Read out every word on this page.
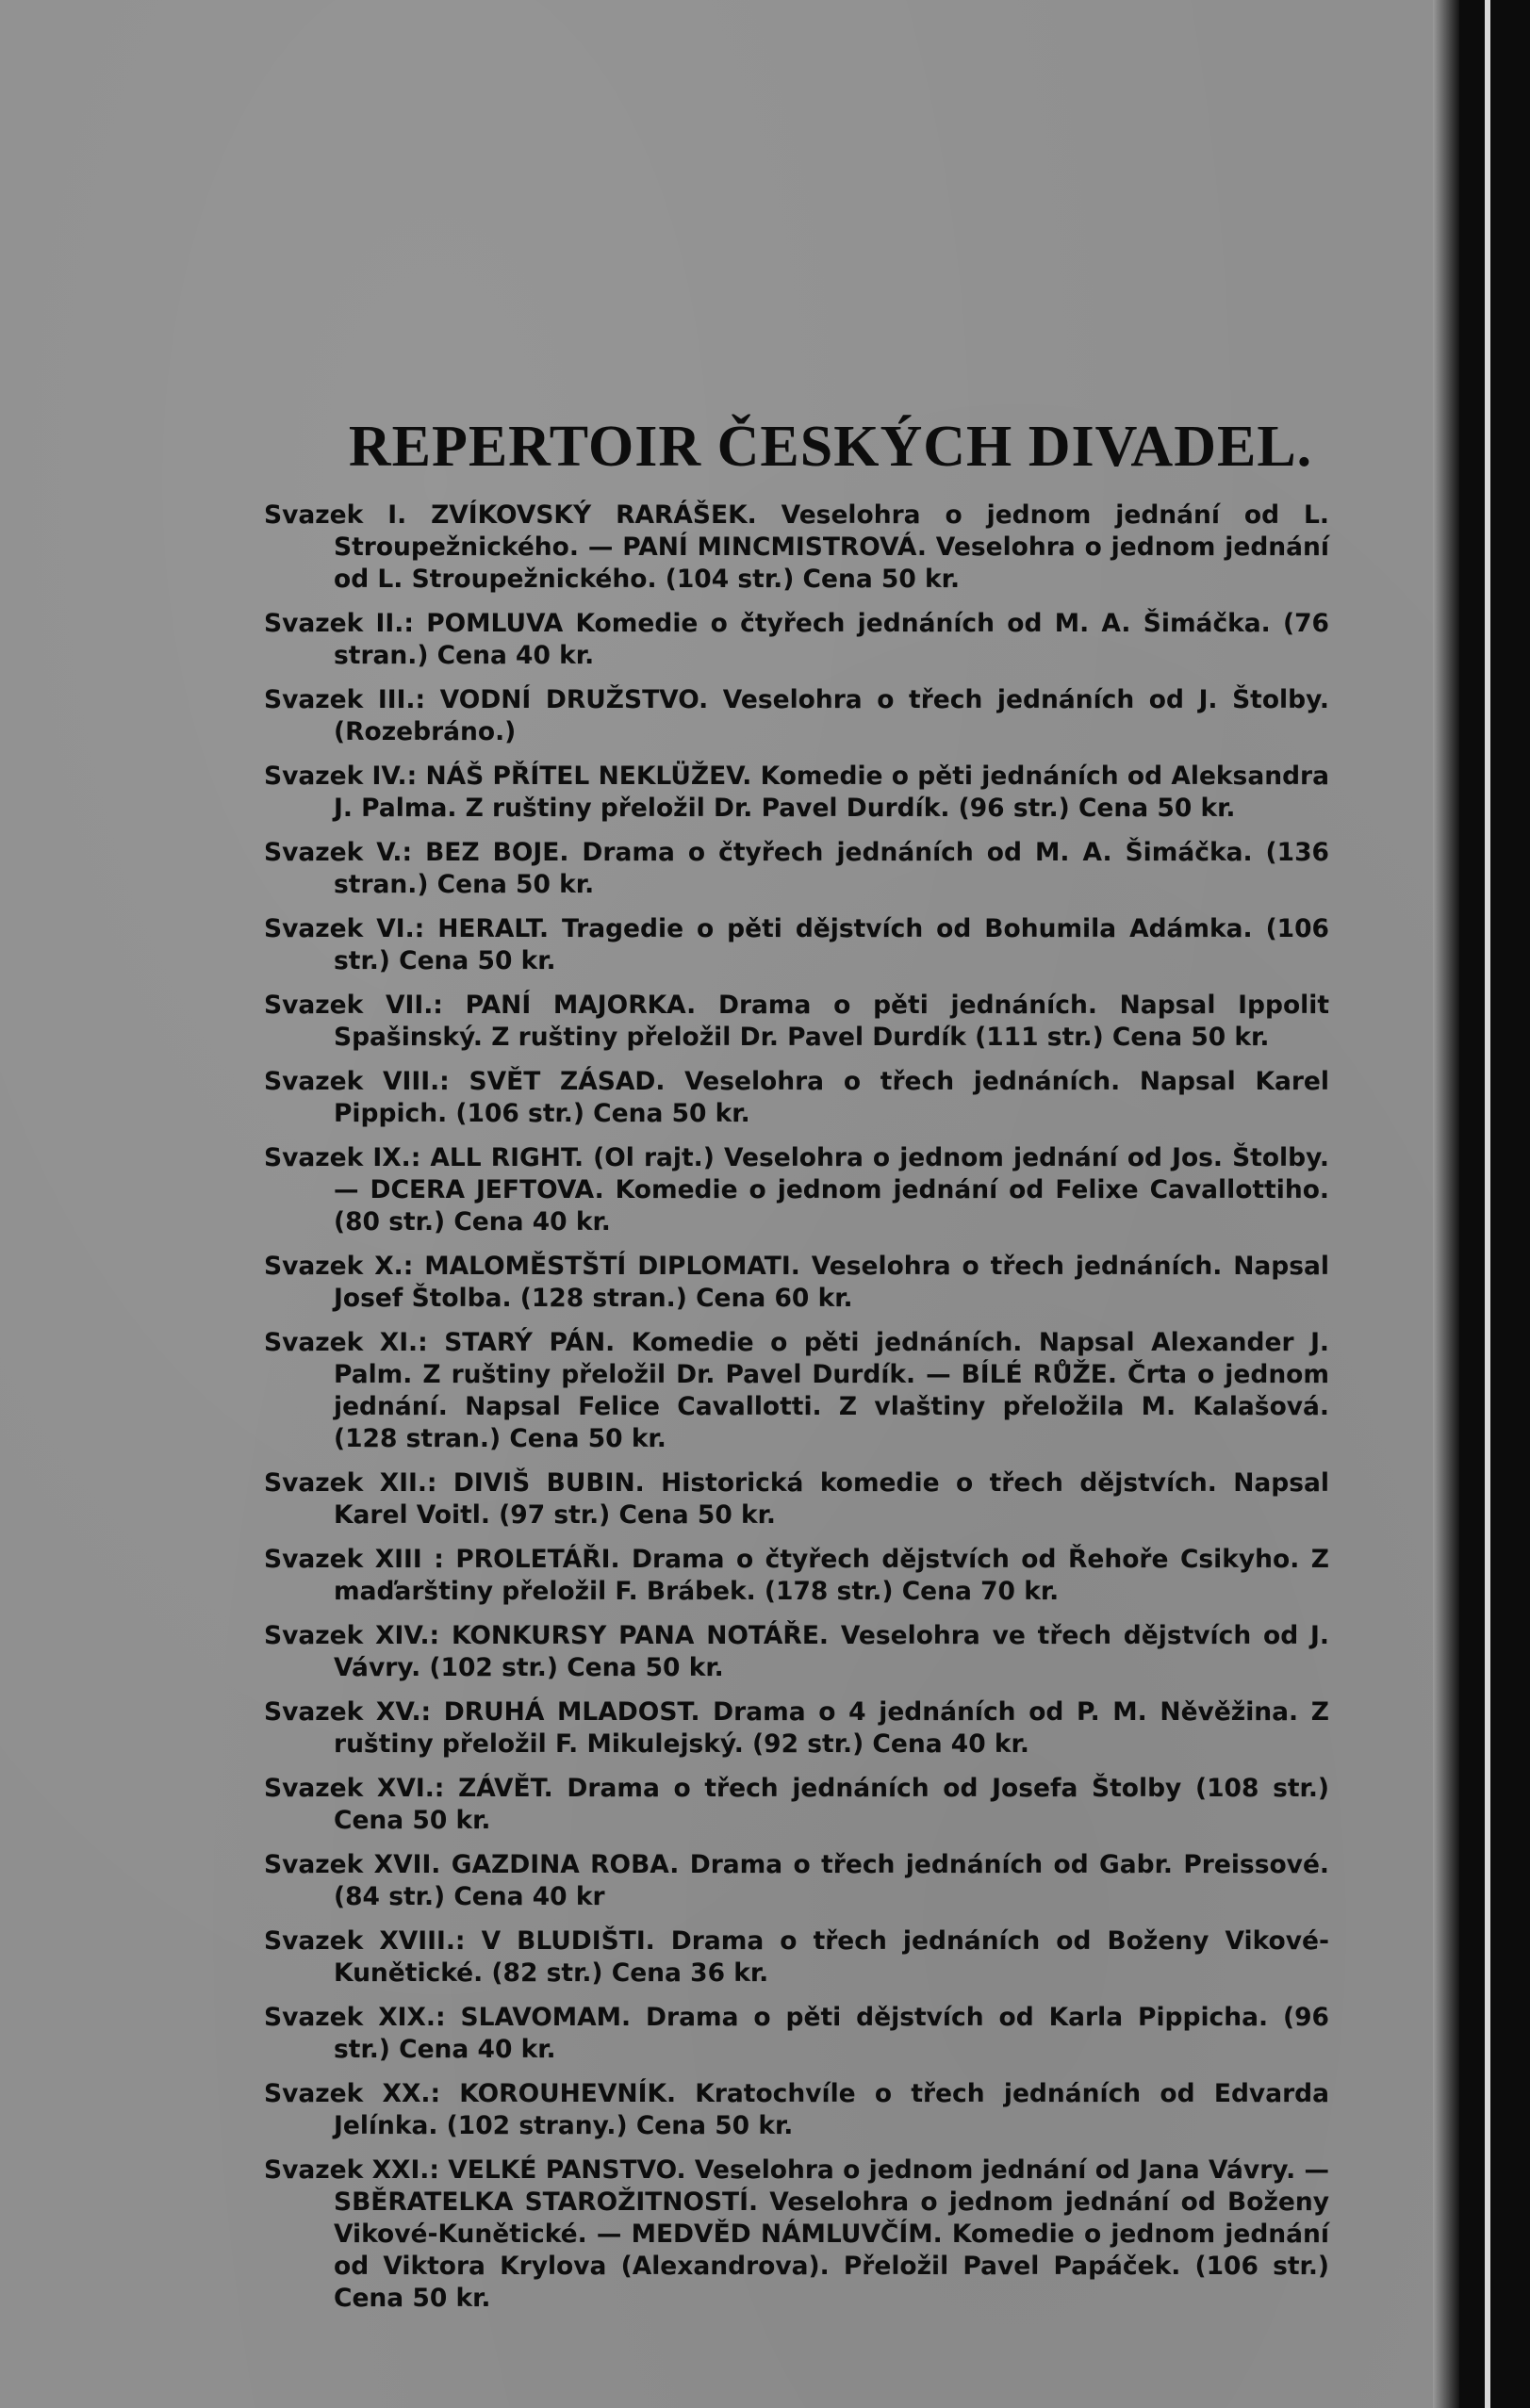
REPERTOIR ČESKÝCH DIVADEL.

Svazek I. ZVÍKOVSKÝ RARÁŠEK. Veselohra o jednom jednání od L. Stroupežnického. — PANÍ MINCMISTROVÁ. Veselohra o jednom jednání od L. Stroupežnického. (104 str.) Cena 50 kr.

Svazek II.: POMLUVA Komedie o čtyřech jednáních od M. A. Šimáčka. (76 stran.) Cena 40 kr.

Svazek III.: VODNÍ DRUŽSTVO. Veselohra o třech jednáních od J. Štolby. (Rozebráno.)

Svazek IV.: NÁŠ PŘÍTEL NEKLÜŽEV. Komedie o pěti jednáních od Aleksandra J. Palma. Z ruštiny přeložil Dr. Pavel Durdík. (96 str.) Cena 50 kr.

Svazek V.: BEZ BOJE. Drama o čtyřech jednáních od M. A. Šimáčka. (136 stran.) Cena 50 kr.

Svazek VI.: HERALT. Tragedie o pěti dějstvích od Bohumila Adámka. (106 str.) Cena 50 kr.

Svazek VII.: PANÍ MAJORKA. Drama o pěti jednáních. Napsal Ippolit Spašinský. Z ruštiny přeložil Dr. Pavel Durdík (111 str.) Cena 50 kr.

Svazek VIII.: SVĚT ZÁSAD. Veselohra o třech jednáních. Napsal Karel Pippich. (106 str.) Cena 50 kr.

Svazek IX.: ALL RIGHT. (Ol rajt.) Veselohra o jednom jednání od Jos. Štolby. — DCERA JEFTOVA. Komedie o jednom jednání od Felixe Cavallottiho. (80 str.) Cena 40 kr.

Svazek X.: MALOMĚSTŠTÍ DIPLOMATI. Veselohra o třech jednáních. Napsal Josef Štolba. (128 stran.) Cena 60 kr.

Svazek XI.: STARÝ PÁN. Komedie o pěti jednáních. Napsal Alexander J. Palm. Z ruštiny přeložil Dr. Pavel Durdík. — BÍLÉ RŮŽE. Črta o jednom jednání. Napsal Felice Cavallotti. Z vlaštiny přeložila M. Kalašová. (128 stran.) Cena 50 kr.

Svazek XII.: DIVIŠ BUBIN. Historická komedie o třech dějstvích. Napsal Karel Voitl. (97 str.) Cena 50 kr.

Svazek XIII : PROLETÁŘI. Drama o čtyřech dějstvích od Řehoře Csikyho. Z maďarštiny přeložil F. Brábek. (178 str.) Cena 70 kr.

Svazek XIV.: KONKURSY PANA NOTÁŘE. Veselohra ve třech dějstvích od J. Vávry. (102 str.) Cena 50 kr.

Svazek XV.: DRUHÁ MLADOST. Drama o 4 jednáních od P. M. Něvěžina. Z ruštiny přeložil F. Mikulejský. (92 str.) Cena 40 kr.

Svazek XVI.: ZÁVĚT. Drama o třech jednáních od Josefa Štolby (108 str.) Cena 50 kr.

Svazek XVII. GAZDINA ROBA. Drama o třech jednáních od Gabr. Preissové. (84 str.) Cena 40 kr

Svazek XVIII.: V BLUDIŠTI. Drama o třech jednáních od Boženy Vikové-Kunětické. (82 str.) Cena 36 kr.

Svazek XIX.: SLAVOMAM. Drama o pěti dějstvích od Karla Pippicha. (96 str.) Cena 40 kr.

Svazek XX.: KOROUHEVNÍK. Kratochvíle o třech jednáních od Edvarda Jelínka. (102 strany.) Cena 50 kr.

Svazek XXI.: VELKÉ PANSTVO. Veselohra o jednom jednání od Jana Vávry. — SBĚRATELKA STAROŽITNOSTÍ. Veselohra o jednom jednání od Boženy Vikové-Kunětické. — MEDVĚD NÁMLUVČÍM. Komedie o jednom jednání od Viktora Krylova (Alexandrova). Přeložil Pavel Papáček. (106 str.) Cena 50 kr.
